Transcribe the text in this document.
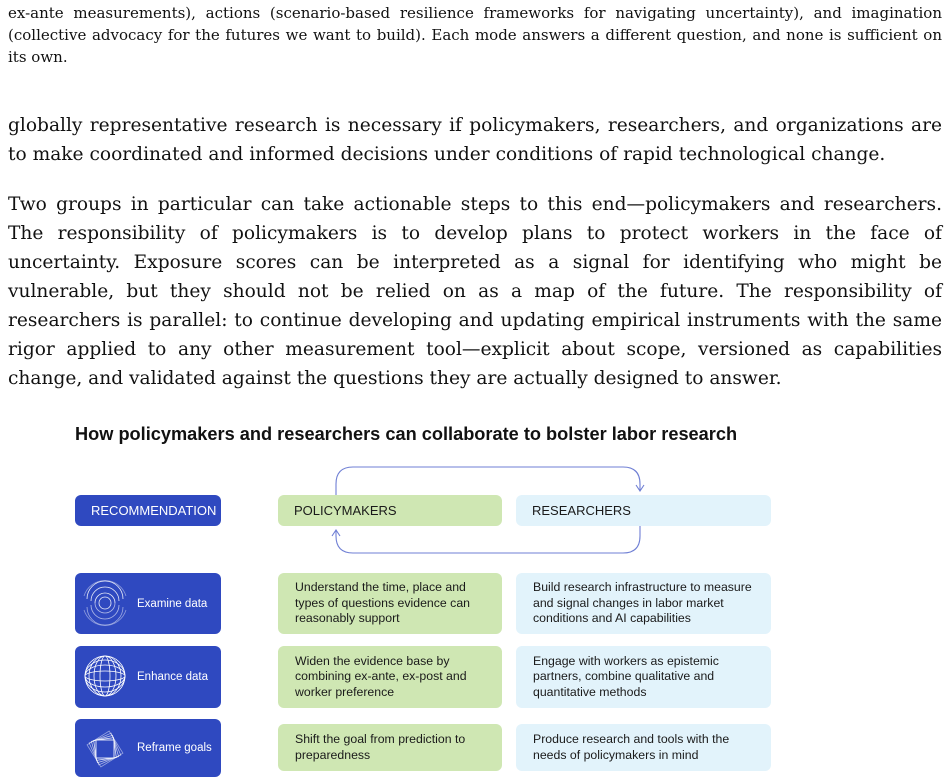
ex-ante measurements), actions (scenario-based resilience frameworks for navigating uncertainty), and imagination (collective advocacy for the futures we want to build). Each mode answers a different question, and none is sufficient on its own.

globally representative research is necessary if policymakers, researchers, and organizations are to make coordinated and informed decisions under conditions of rapid technological change.

Two groups in particular can take actionable steps to this end—policymakers and researchers. The responsibility of policymakers is to develop plans to protect workers in the face of uncertainty. Exposure scores can be interpreted as a signal for identifying who might be vulnerable, but they should not be relied on as a map of the future. The responsibility of researchers is parallel: to continue developing and updating empirical instruments with the same rigor applied to any other measurement tool—explicit about scope, versioned as capabilities change, and validated against the questions they are actually designed to answer.

How policymakers and researchers can collaborate to bolster labor research
RECOMMENDATION	POLICYMAKERS	RESEARCHERS
Examine data
Understand the time, place and types of questions evidence can reasonably support
Build research infrastructure to measure and signal changes in labor market conditions and AI capabilities
Enhance data
Widen the evidence base by combining ex-ante, ex-post and worker preference
Engage with workers as epistemic partners, combine qualitative and quantitative methods
Reframe goals
Shift the goal from prediction to preparedness
Produce research and tools with the needs of policymakers in mind
